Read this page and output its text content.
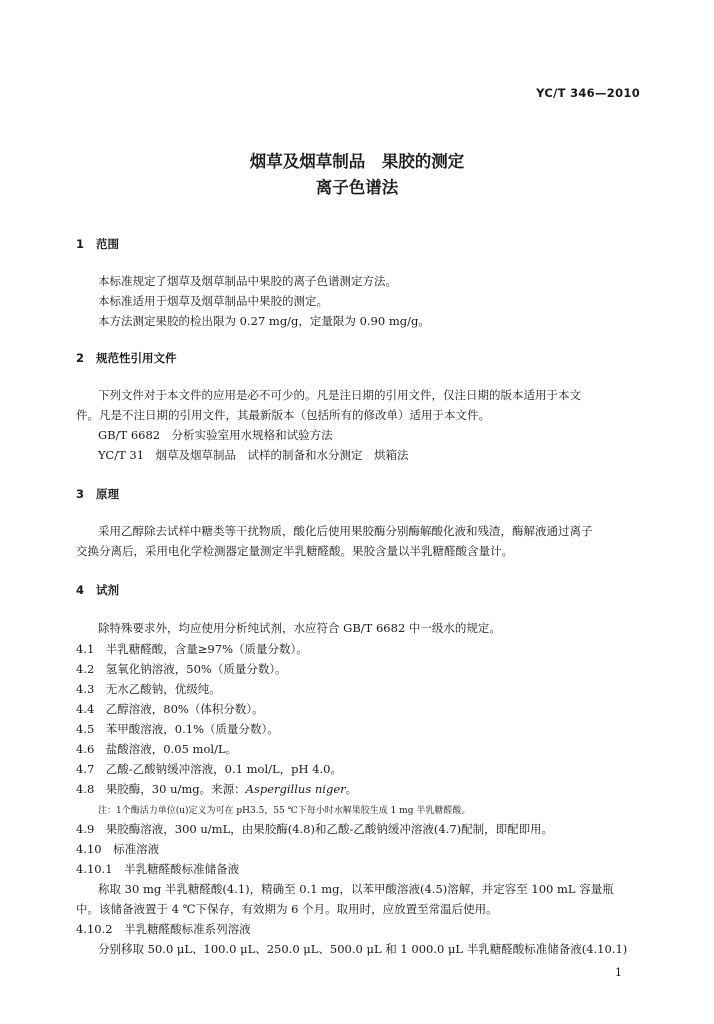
YC/T 346—2010
烟草及烟草制品　果胶的测定
离子色谱法
1 范围
本标准规定了烟草及烟草制品中果胶的离子色谱测定方法。
本标准适用于烟草及烟草制品中果胶的测定。
本方法测定果胶的检出限为 0.27 mg/g，定量限为 0.90 mg/g。
2 规范性引用文件
下列文件对于本文件的应用是必不可少的。凡是注日期的引用文件，仅注日期的版本适用于本文
件。凡是不注日期的引用文件，其最新版本（包括所有的修改单）适用于本文件。
GB/T 6682　分析实验室用水规格和试验方法
YC/T 31　烟草及烟草制品　试样的制备和水分测定　烘箱法
3 原理
采用乙醇除去试样中糖类等干扰物质，酸化后使用果胶酶分别酶解酸化液和残渣，酶解液通过离子
交换分离后，采用电化学检测器定量测定半乳糖醛酸。果胶含量以半乳糖醛酸含量计。
4 试剂
除特殊要求外，均应使用分析纯试剂，水应符合 GB/T 6682 中一级水的规定。
4.1　 半乳糖醛酸，含量≥97%（质量分数）。
4.2　 氢氧化钠溶液，50%（质量分数）。
4.3　 无水乙酸钠，优级纯。
4.4　 乙醇溶液，80%（体积分数）。
4.5　 苯甲酸溶液，0.1%（质量分数）。
4.6　 盐酸溶液，0.05 mol/L。
4.7　 乙酸-乙酸钠缓冲溶液，0.1 mol/L，pH 4.0。
4.8　 果胶酶，30 u/mg。来源：Aspergillus niger。
注：1个酶活力单位(u)定义为可在 pH3.5，55 ℃下每小时水解果胶生成 1 mg 半乳糖醛酸。
4.9　 果胶酶溶液，300 u/mL，由果胶酶(4.8)和乙酸-乙酸钠缓冲溶液(4.7)配制，即配即用。
4.10　 标准溶液
4.10.1　 半乳糖醛酸标准储备液
称取 30 mg 半乳糖醛酸(4.1)，精确至 0.1 mg，以苯甲酸溶液(4.5)溶解，并定容至 100 mL 容量瓶
中。该储备液置于 4 ℃下保存，有效期为 6 个月。取用时，应放置至常温后使用。
4.10.2　 半乳糖醛酸标准系列溶液
分别移取 50.0 μL、100.0 μL、250.0 μL、500.0 μL 和 1 000.0 μL 半乳糖醛酸标准储备液(4.10.1)
1
